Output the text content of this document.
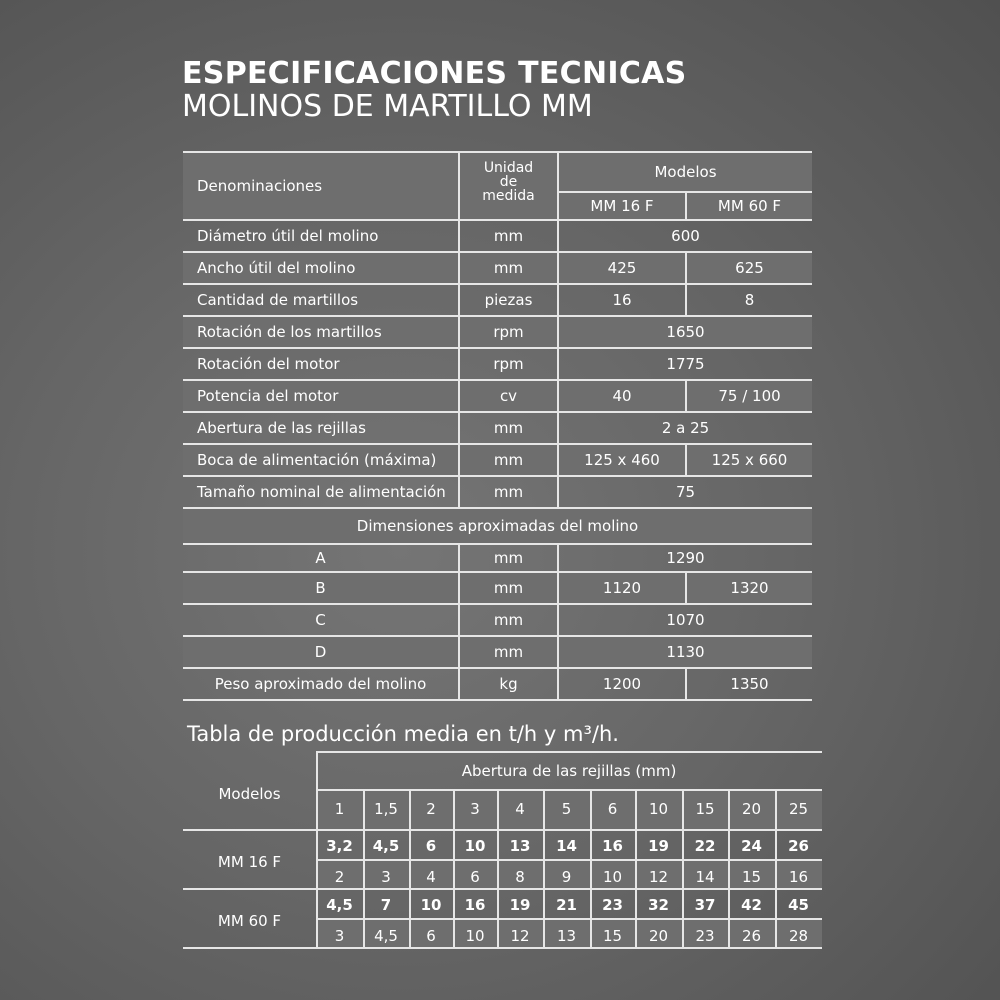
ESPECIFICACIONES TECNICAS
MOLINOS DE MARTILLO MM
Denominaciones
Unidad
de
medida
Modelos
MM 16 F	MM 60 F
Diámetro útil del molino	mm	600
Ancho útil del molino	mm	425	625
Cantidad de martillos	piezas	16	8
Rotación de los martillos	rpm	1650
Rotación del motor	rpm	1775
Potencia del motor	cv	40	75 / 100
Abertura de las rejillas	mm	2 a 25
Boca de alimentación (máxima)	mm	125 x 460	125 x 660
Tamaño nominal de alimentación	mm	75
Dimensiones aproximadas del molino
A	mm	1290
B	mm	1120	1320
C	mm	1070
D	mm	1130
Peso aproximado del molino	kg	1200	1350
Tabla de producción media en t/h y m³/h.
Modelos
Abertura de las rejillas (mm)
1	1,5	2	3	4	5	6	10	15	20	25
MM 16 F
3,2	4,5	6	10	13	14	16	19	22	24	26
2	3	4	6	8	9	10	12	14	15	16
MM 60 F
4,5	7	10	16	19	21	23	32	37	42	45
3	4,5	6	10	12	13	15	20	23	26	28
